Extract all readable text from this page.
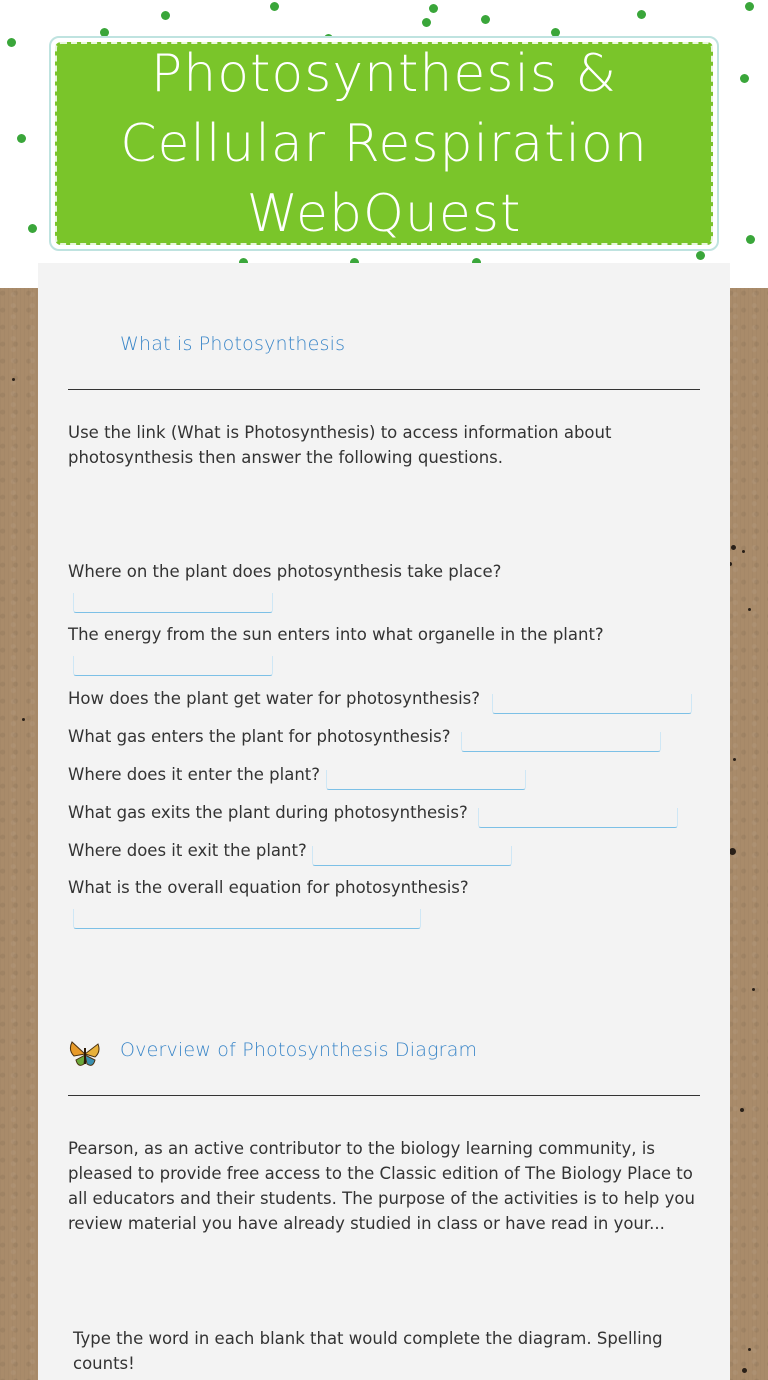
Photosynthesis & Cellular Respiration WebQuest
What is Photosynthesis
Use the link (What is Photosynthesis) to access information about photosynthesis then answer the following questions.
Where on the plant does photosynthesis take place?
The energy from the sun enters into what organelle in the plant?
How does the plant get water for photosynthesis?
What gas enters the plant for photosynthesis?
Where does it enter the plant?
What gas exits the plant during photosynthesis?
Where does it exit the plant?
What is the overall equation for photosynthesis?
Overview of Photosynthesis Diagram
Pearson, as an active contributor to the biology learning community, is pleased to provide free access to the Classic edition of The Biology Place to all educators and their students. The purpose of the activities is to help you review material you have already studied in class or have read in your...
Type the word in each blank that would complete the diagram. Spelling counts!
